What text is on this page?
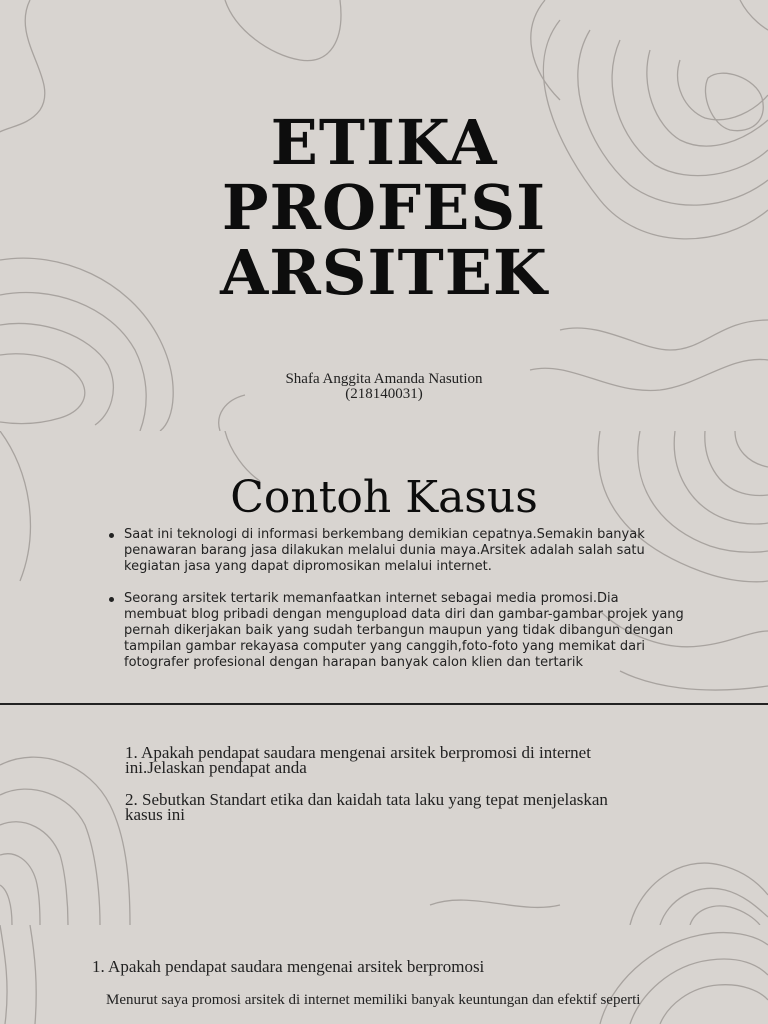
ETIKA
PROFESI
ARSITEK
Shafa Anggita Amanda Nasution
(218140031)
Contoh Kasus
Saat ini teknologi di informasi berkembang demikian cepatnya.Semakin banyak penawaran barang jasa dilakukan melalui dunia maya.Arsitek adalah salah satu kegiatan jasa yang dapat dipromosikan melalui internet.
Seorang arsitek tertarik memanfaatkan internet sebagai media promosi.Dia membuat blog pribadi dengan mengupload data diri dan gambar-gambar projek yang pernah dikerjakan baik yang sudah terbangun maupun yang tidak dibangun dengan tampilan gambar rekayasa computer yang canggih,foto-foto yang memikat dari fotografer profesional dengan harapan banyak calon klien dan tertarik

1. Apakah pendapat saudara mengenai arsitek berpromosi di internet ini.Jelaskan pendapat anda

2. Sebutkan Standart etika dan kaidah tata laku yang tepat menjelaskan kasus ini

1. Apakah pendapat saudara mengenai arsitek berpromosi

Menurut saya promosi arsitek di internet memiliki banyak keuntungan dan efektif seperti
